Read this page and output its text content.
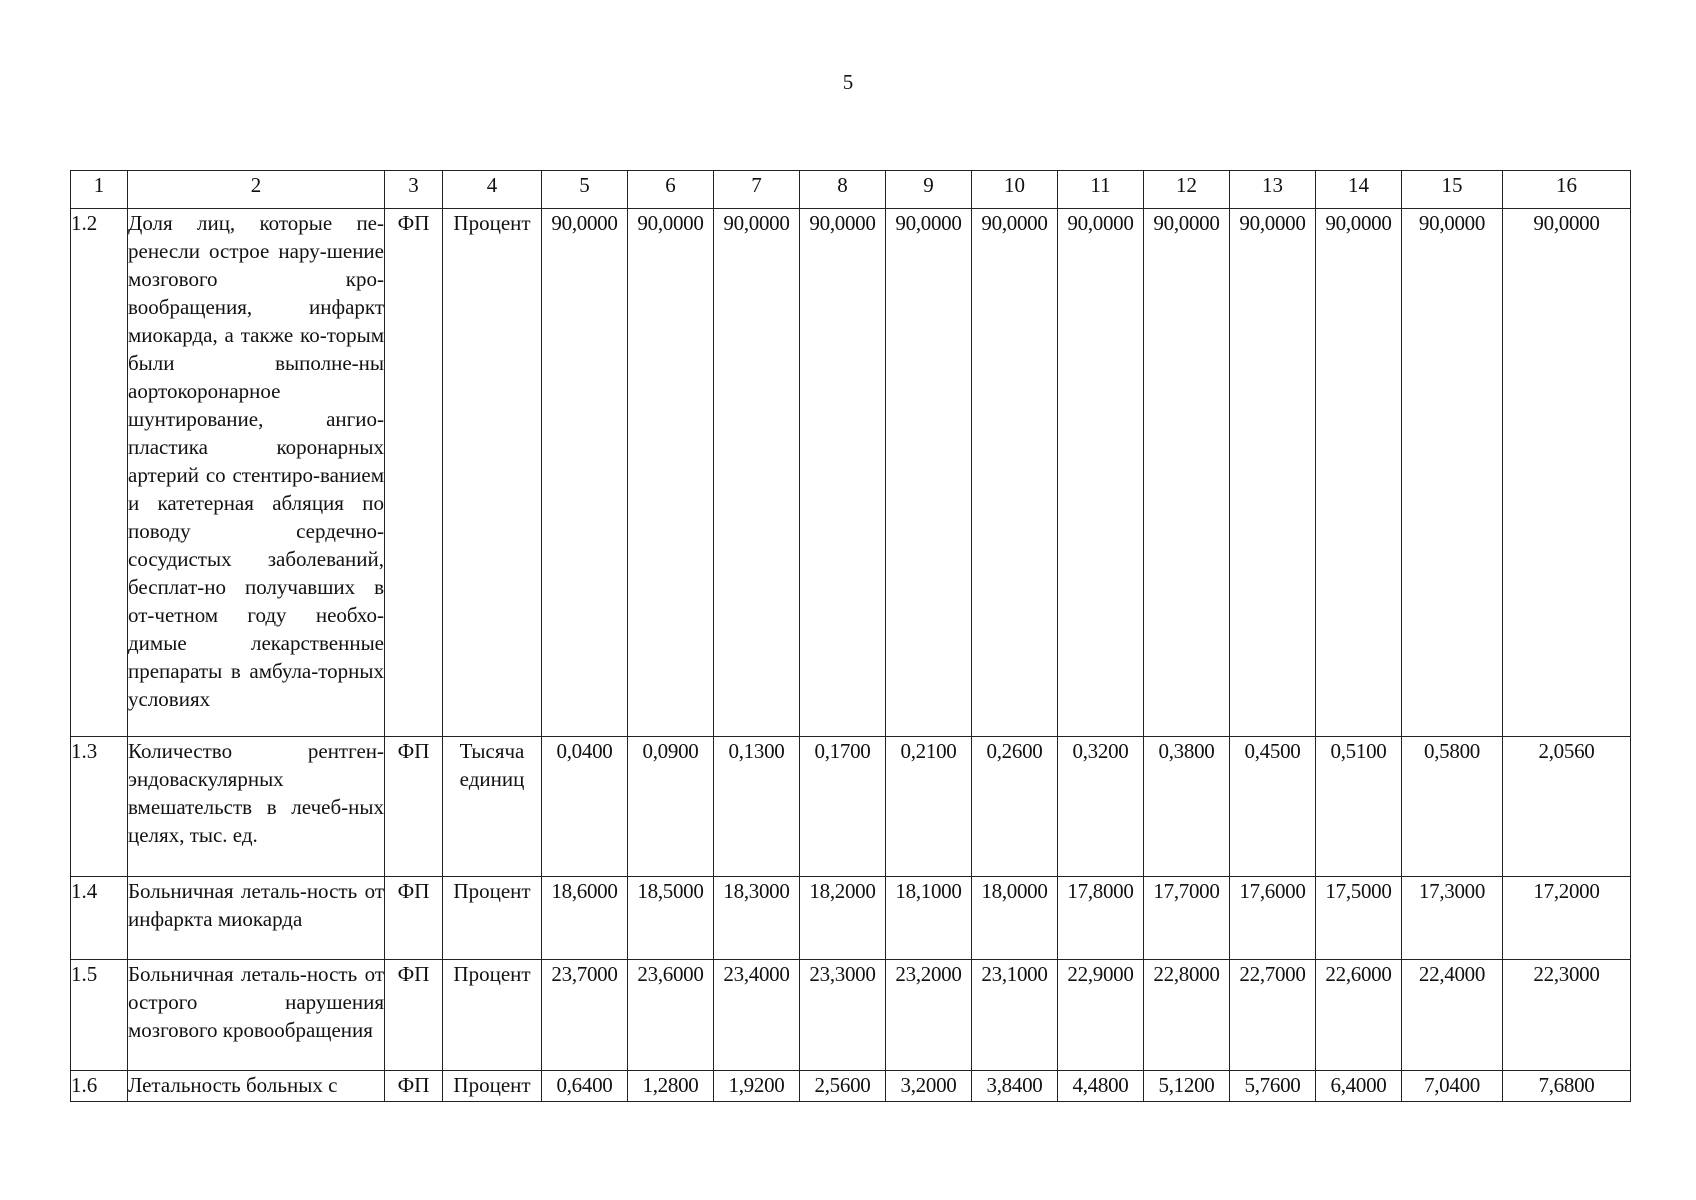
5
1	2	3	4	5	6	7	8	9	10	11	12	13	14	15	16
1.2	Доля лиц, которые пе-ренесли острое нару-шение мозгового кро-вообращения, инфаркт миокарда, а также ко-торым были выполне-ны аортокоронарное шунтирование, ангио-пластика коронарных артерий со стентиро-ванием и катетерная абляция по поводу сердечно-сосудистых заболеваний, бесплат-но получавших в от-четном году необхо-димые лекарственные препараты в амбула-торных условиях	ФП	Процент	90,0000	90,0000	90,0000	90,0000	90,0000	90,0000	90,0000	90,0000	90,0000	90,0000	90,0000	90,0000
1.3	Количество рентген-эндоваскулярных вмешательств в лечеб-ных целях, тыс. ед.	ФП	Тысяча единиц	0,0400	0,0900	0,1300	0,1700	0,2100	0,2600	0,3200	0,3800	0,4500	0,5100	0,5800	2,0560
1.4	Больничная леталь-ность от инфаркта миокарда	ФП	Процент	18,6000	18,5000	18,3000	18,2000	18,1000	18,0000	17,8000	17,7000	17,6000	17,5000	17,3000	17,2000
1.5	Больничная леталь-ность от острого нарушения мозгового кровообращения	ФП	Процент	23,7000	23,6000	23,4000	23,3000	23,2000	23,1000	22,9000	22,8000	22,7000	22,6000	22,4000	22,3000
1.6	Летальность больных с	ФП	Процент	0,6400	1,2800	1,9200	2,5600	3,2000	3,8400	4,4800	5,1200	5,7600	6,4000	7,0400	7,6800
